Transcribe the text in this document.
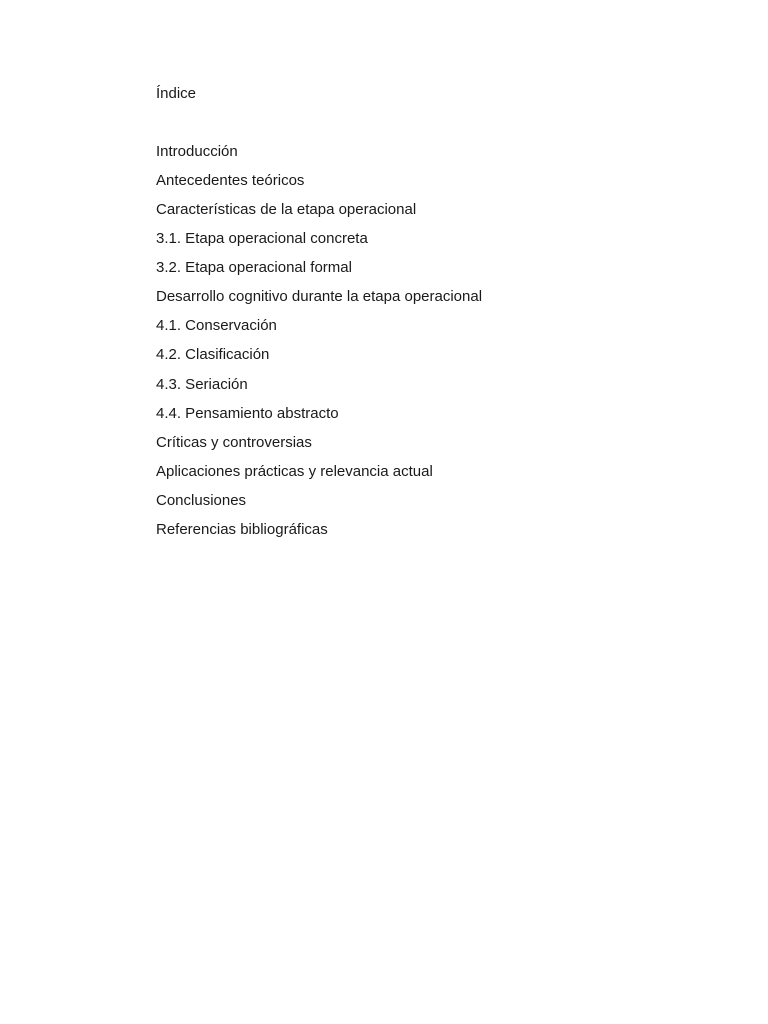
Índice
Introducción
Antecedentes teóricos
Características de la etapa operacional
3.1. Etapa operacional concreta
3.2. Etapa operacional formal
Desarrollo cognitivo durante la etapa operacional
4.1. Conservación
4.2. Clasificación
4.3. Seriación
4.4. Pensamiento abstracto
Críticas y controversias
Aplicaciones prácticas y relevancia actual
Conclusiones
Referencias bibliográficas
